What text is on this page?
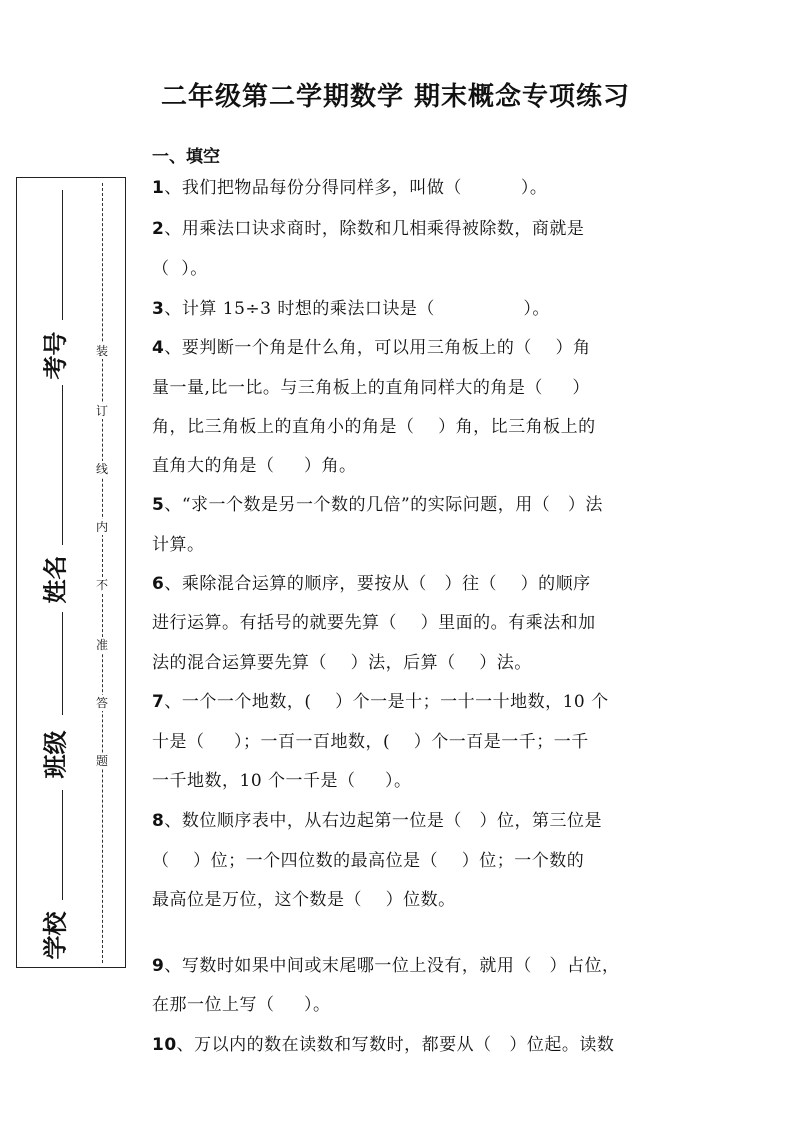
二年级第二学期数学 期末概念专项练习
一、填空
装
订
线
内
不
准
答
题
考号
姓名
班级
学校
1、我们把物品每份分得同样多，叫做（          ）。
2、用乘法口诀求商时，除数和几相乘得被除数，商就是
（  ）。
3、计算 15÷3 时想的乘法口诀是（               ）。
4、要判断一个角是什么角，可以用三角板上的（    ）角
量一量,比一比。与三角板上的直角同样大的角是（     ）
角，比三角板上的直角小的角是（    ）角，比三角板上的
直角大的角是（     ）角。
5、“求一个数是另一个数的几倍”的实际问题，用（   ）法
计算。
6、乘除混合运算的顺序，要按从（   ）往（    ）的顺序
进行运算。有括号的就要先算（    ）里面的。有乘法和加
法的混合运算要先算（    ）法，后算（    ）法。
7、一个一个地数，(    ）个一是十；一十一十地数，10 个
十是（     ）；一百一百地数，(    ）个一百是一千；一千
一千地数，10 个一千是（     ）。
8、数位顺序表中，从右边起第一位是（   ）位，第三位是
（    ）位；一个四位数的最高位是（    ）位；一个数的
最高位是万位，这个数是（    ）位数。
9、写数时如果中间或末尾哪一位上没有，就用（   ）占位，
在那一位上写（     ）。
10、万以内的数在读数和写数时，都要从（   ）位起。读数
